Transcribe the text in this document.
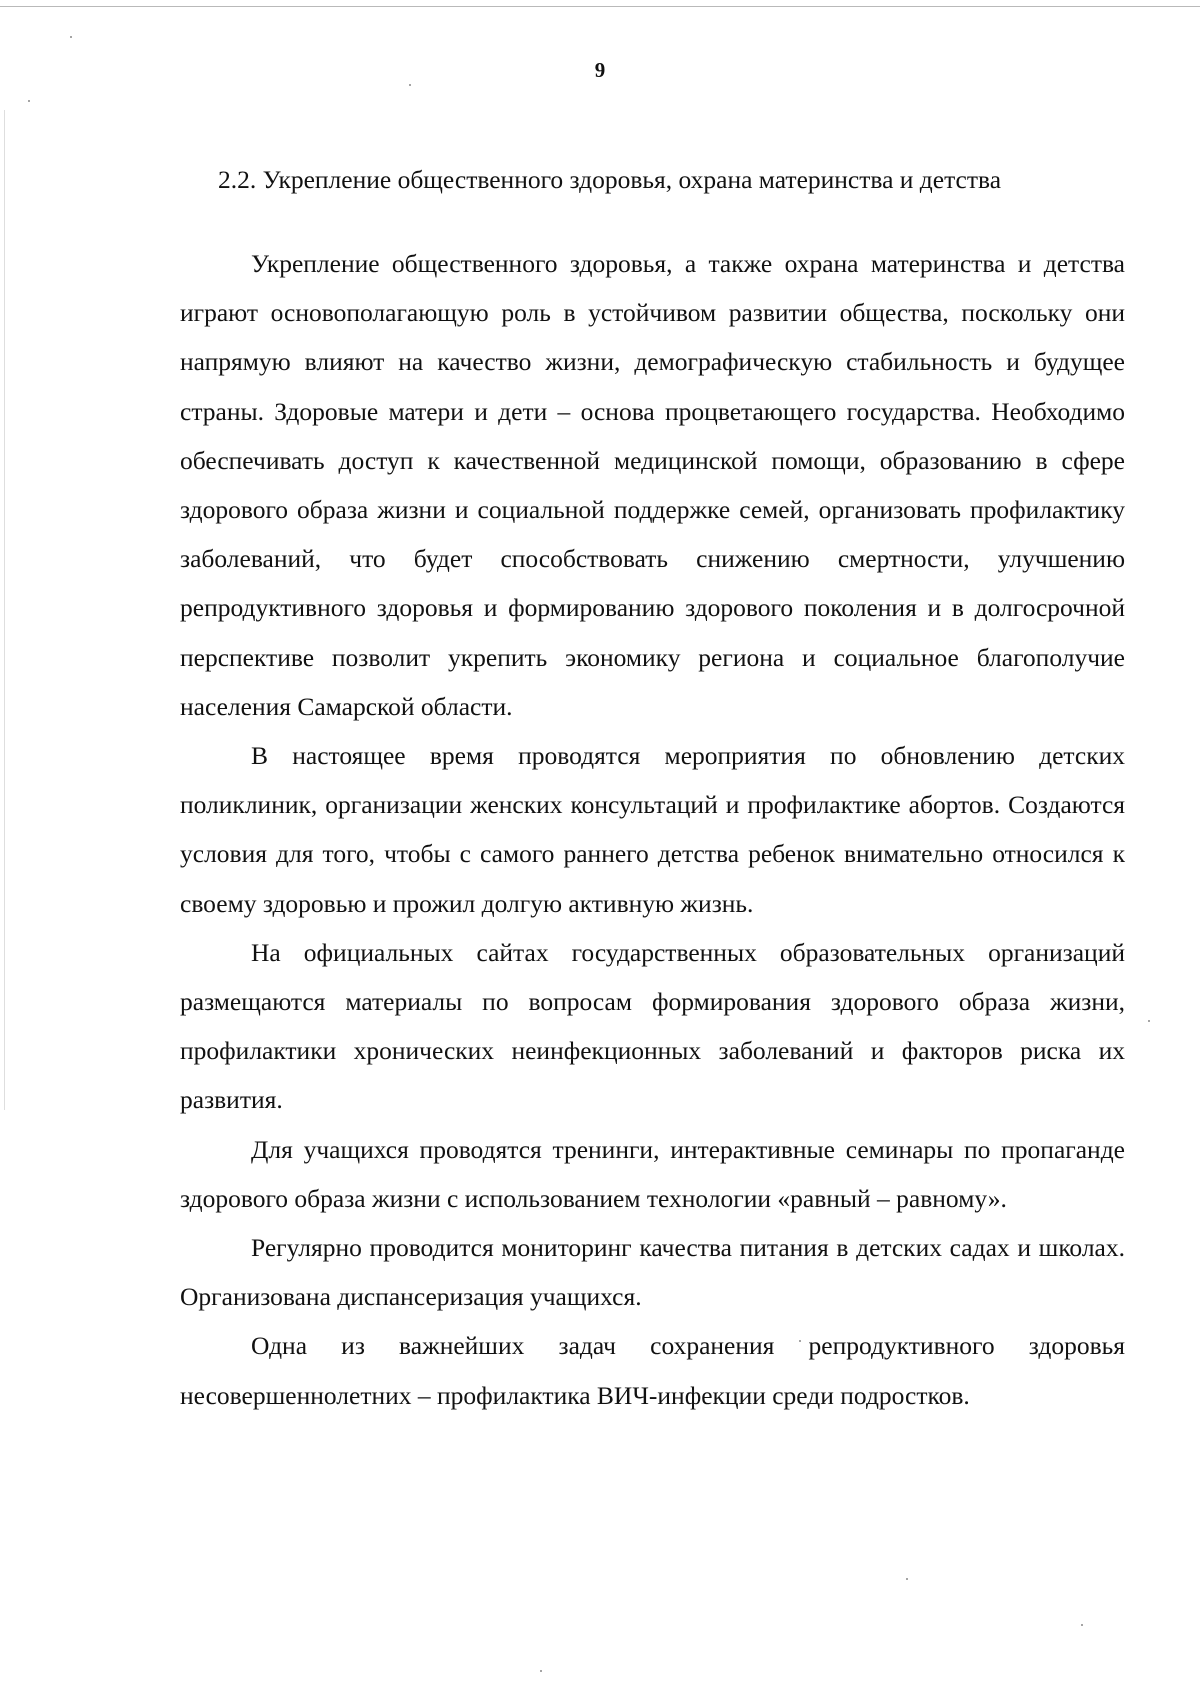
9
2.2. Укрепление общественного здоровья, охрана материнства и детства

Укрепление общественного здоровья, а также охрана материнства и детства играют основополагающую роль в устойчивом развитии общества, поскольку они напрямую влияют на качество жизни, демографическую стабильность и будущее страны. Здоровые матери и дети – основа процветающего государства. Необходимо обеспечивать доступ к качественной медицинской помощи, образованию в сфере здорового образа жизни и социальной поддержке семей, организовать профилактику заболеваний, что будет способствовать снижению смертности, улучшению репродуктивного здоровья и формированию здорового поколения и в долгосрочной перспективе позволит укрепить экономику региона и социальное благополучие населения Самарской области.

В настоящее время проводятся мероприятия по обновлению детских поликлиник, организации женских консультаций и профилактике абортов. Создаются условия для того, чтобы с самого раннего детства ребенок внимательно относился к своему здоровью и прожил долгую активную жизнь.

На официальных сайтах государственных образовательных организаций размещаются материалы по вопросам формирования здорового образа жизни, профилактики хронических неинфекционных заболеваний и факторов риска их развития.

Для учащихся проводятся тренинги, интерактивные семинары по пропаганде здорового образа жизни с использованием технологии «равный – равному».

Регулярно проводится мониторинг качества питания в детских садах и школах. Организована диспансеризация учащихся.

Одна из важнейших задач сохранения репродуктивного здоровья несовершеннолетних – профилактика ВИЧ-инфекции среди подростков.
